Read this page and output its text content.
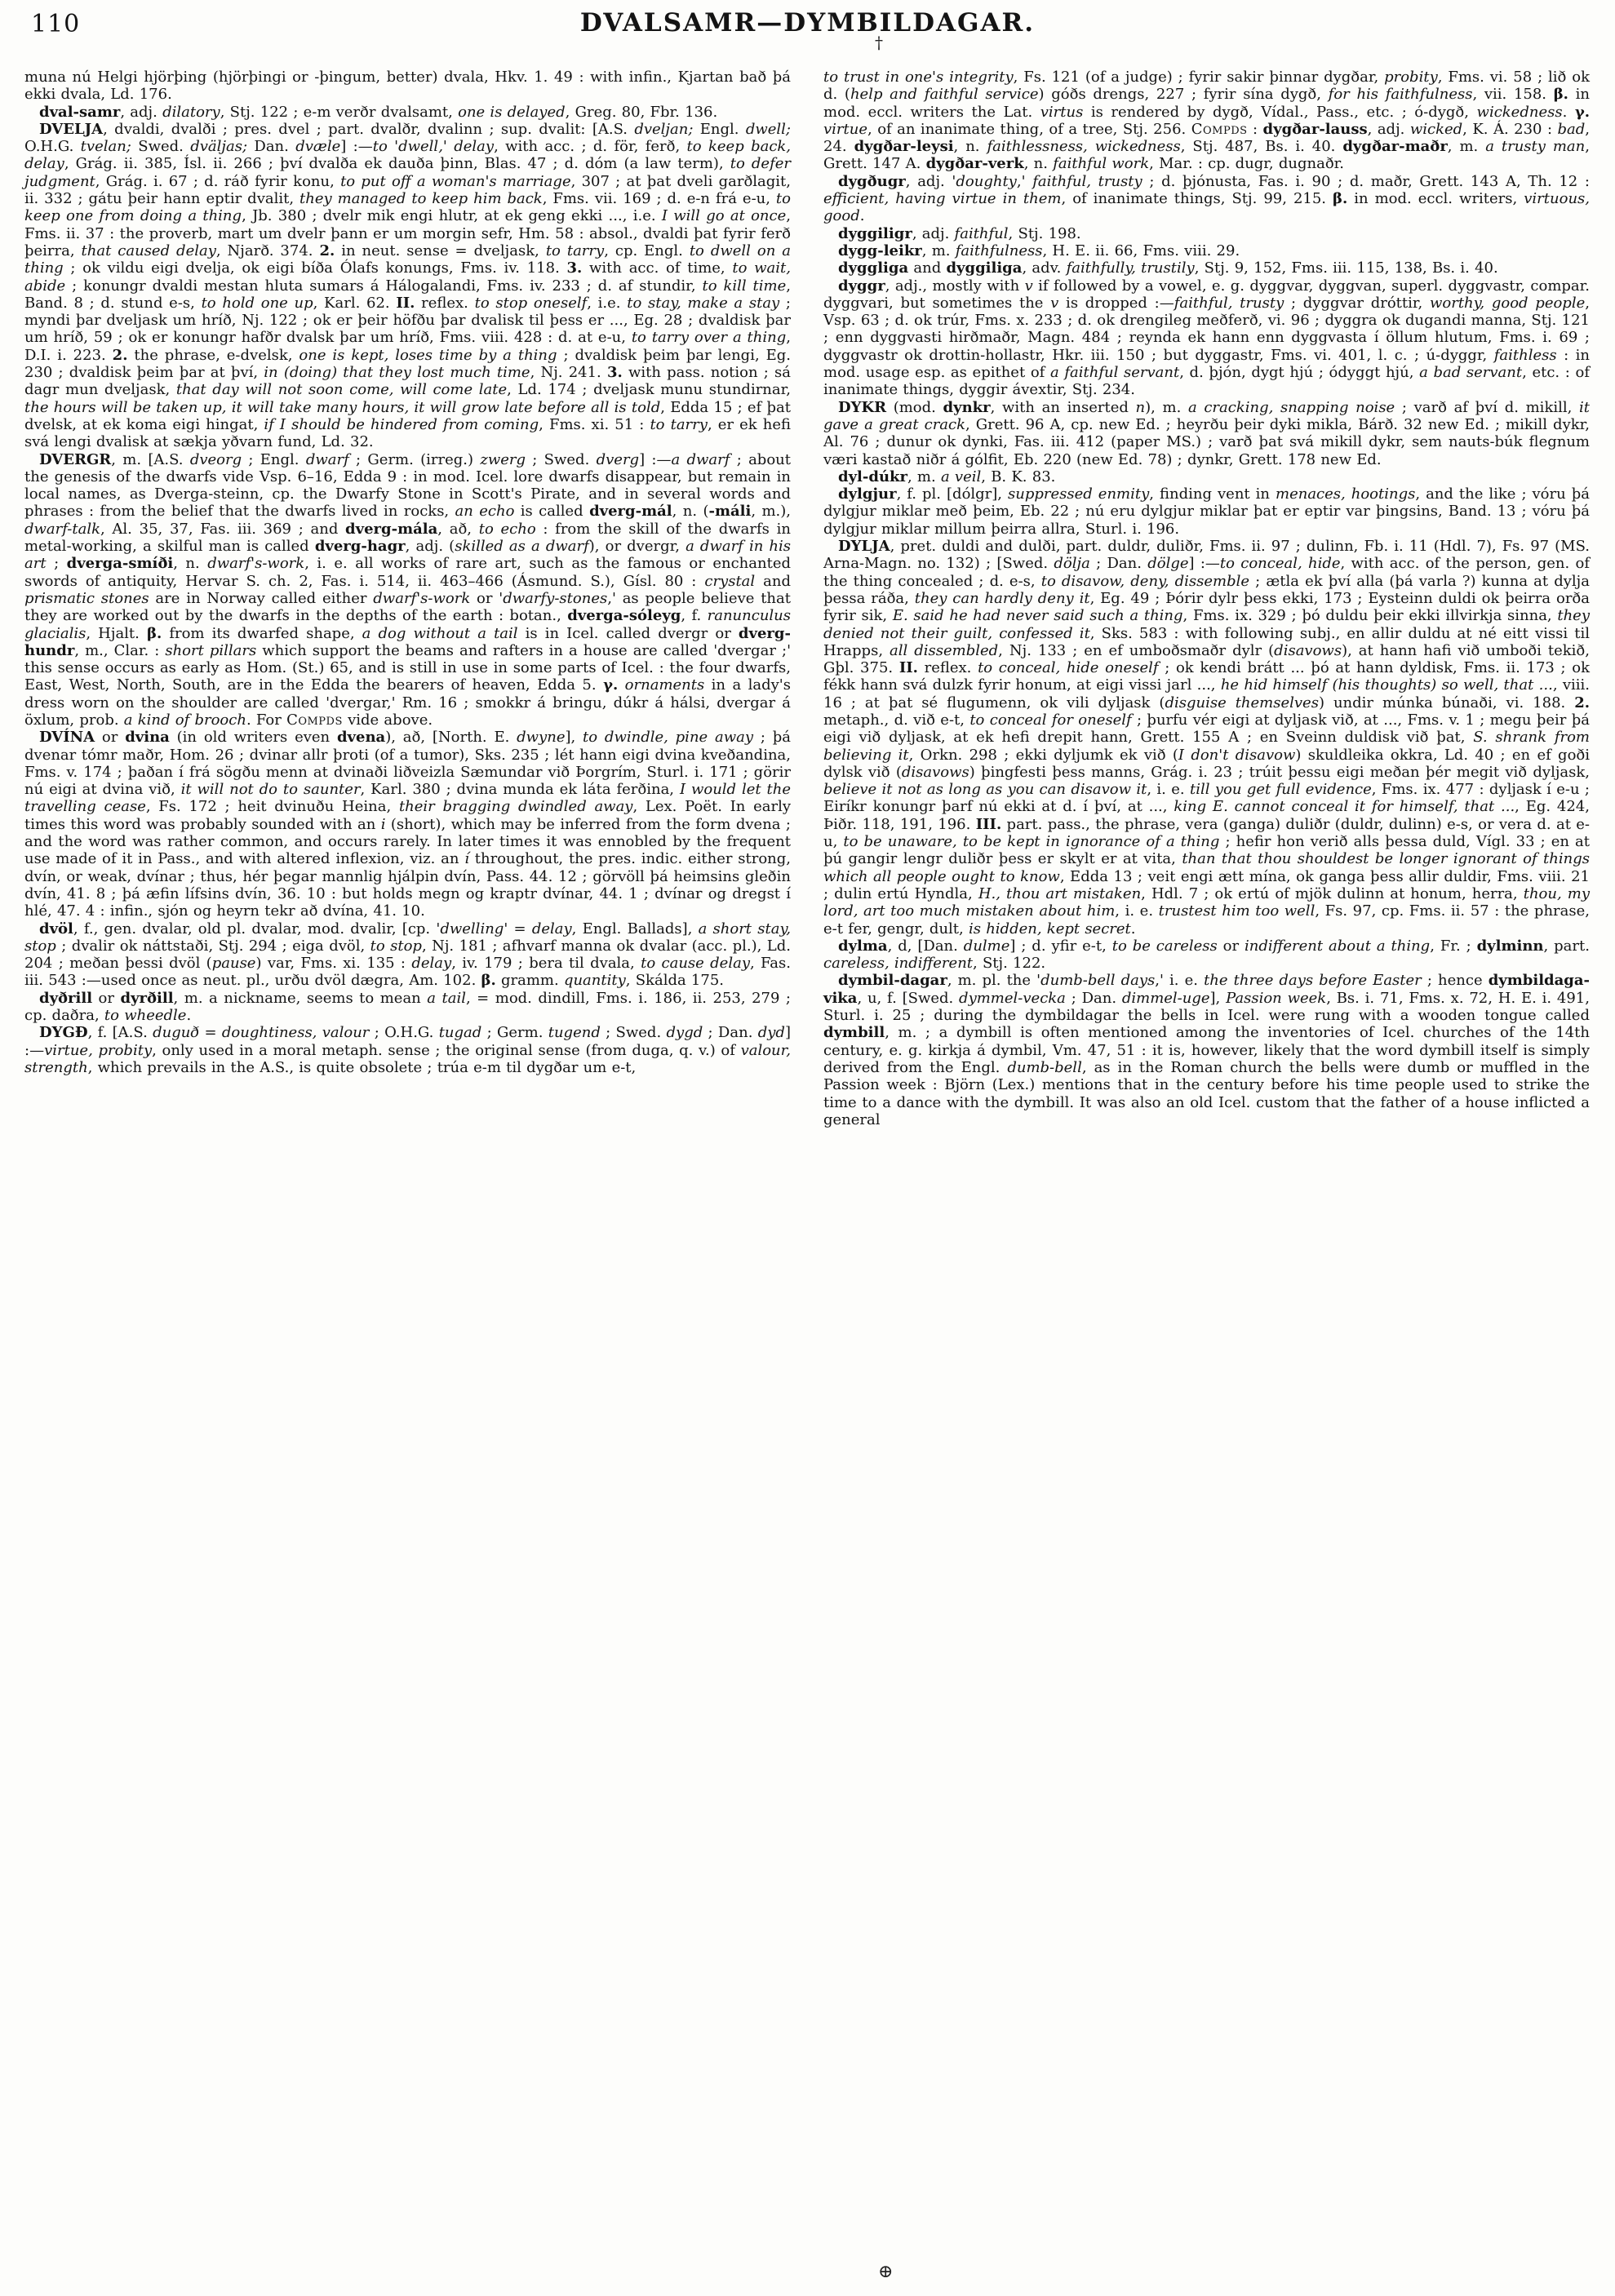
110	DVALSAMR—DYMBILDAGAR.
†

muna nú Helgi hjörþing (hjörþingi or -þingum, better) dvala, Hkv. 1. 49 : with infin., Kjartan bað þá ekki dvala, Ld. 176.

dval-samr, adj. dilatory, Stj. 122 ; e-m verðr dvalsamt, one is delayed, Greg. 80, Fbr. 136.

DVELJA, dvaldi, dvalði ; pres. dvel ; part. dvalðr, dvalinn ; sup. dvalit: [A.S. dveljan; Engl. dwell; O.H.G. tvelan; Swed. dväljas; Dan. dvæle] :—to 'dwell,' delay, with acc. ; d. för, ferð, to keep back, delay, Grág. ii. 385, Ísl. ii. 266 ; því dvalða ek dauða þinn, Blas. 47 ; d. dóm (a law term), to defer judgment, Grág. i. 67 ; d. ráð fyrir konu, to put off a woman's marriage, 307 ; at þat dveli garðlagit, ii. 332 ; gátu þeir hann eptir dvalit, they managed to keep him back, Fms. vii. 169 ; d. e-n frá e-u, to keep one from doing a thing, Jb. 380 ; dvelr mik engi hlutr, at ek geng ekki ..., i.e. I will go at once, Fms. ii. 37 : the proverb, mart um dvelr þann er um morgin sefr, Hm. 58 : absol., dvaldi þat fyrir ferð þeirra, that caused delay, Njarð. 374. 2. in neut. sense = dveljask, to tarry, cp. Engl. to dwell on a thing ; ok vildu eigi dvelja, ok eigi bíða Ólafs konungs, Fms. iv. 118. 3. with acc. of time, to wait, abide ; konungr dvaldi mestan hluta sumars á Hálogalandi, Fms. iv. 233 ; d. af stundir, to kill time, Band. 8 ; d. stund e-s, to hold one up, Karl. 62. II. reflex. to stop oneself, i.e. to stay, make a stay ; myndi þar dveljask um hríð, Nj. 122 ; ok er þeir höfðu þar dvalisk til þess er ..., Eg. 28 ; dvaldisk þar um hríð, 59 ; ok er konungr hafðr dvalsk þar um hríð, Fms. viii. 428 : d. at e-u, to tarry over a thing, D.I. i. 223. 2. the phrase, e-dvelsk, one is kept, loses time by a thing ; dvaldisk þeim þar lengi, Eg. 230 ; dvaldisk þeim þar at því, in (doing) that they lost much time, Nj. 241. 3. with pass. notion ; sá dagr mun dveljask, that day will not soon come, will come late, Ld. 174 ; dveljask munu stundirnar, the hours will be taken up, it will take many hours, it will grow late before all is told, Edda 15 ; ef þat dvelsk, at ek koma eigi hingat, if I should be hindered from coming, Fms. xi. 51 : to tarry, er ek hefi svá lengi dvalisk at sækja yðvarn fund, Ld. 32.

DVERGR, m. [A.S. dveorg ; Engl. dwarf ; Germ. (irreg.) zwerg ; Swed. dverg] :—a dwarf ; about the genesis of the dwarfs vide Vsp. 6–16, Edda 9 : in mod. Icel. lore dwarfs disappear, but remain in local names, as Dverga-steinn, cp. the Dwarfy Stone in Scott's Pirate, and in several words and phrases : from the belief that the dwarfs lived in rocks, an echo is called dverg-mál, n. (-máli, m.), dwarf-talk, Al. 35, 37, Fas. iii. 369 ; and dverg-mála, að, to echo : from the skill of the dwarfs in metal-working, a skilful man is called dverg-hagr, adj. (skilled as a dwarf), or dvergr, a dwarf in his art ; dverga-smíði, n. dwarf's-work, i. e. all works of rare art, such as the famous or enchanted swords of antiquity, Hervar S. ch. 2, Fas. i. 514, ii. 463–466 (Ásmund. S.), Gísl. 80 : crystal and prismatic stones are in Norway called either dwarf's-work or 'dwarfy-stones,' as people believe that they are worked out by the dwarfs in the depths of the earth : botan., dverga-sóleyg, f. ranunculus glacialis, Hjalt. β. from its dwarfed shape, a dog without a tail is in Icel. called dvergr or dverg-hundr, m., Clar. : short pillars which support the beams and rafters in a house are called 'dvergar ;' this sense occurs as early as Hom. (St.) 65, and is still in use in some parts of Icel. : the four dwarfs, East, West, North, South, are in the Edda the bearers of heaven, Edda 5. γ. ornaments in a lady's dress worn on the shoulder are called 'dvergar,' Rm. 16 ; smokkr á bringu, dúkr á hálsi, dvergar á öxlum, prob. a kind of brooch. For Compds vide above.

DVÍNA or dvina (in old writers even dvena), að, [North. E. dwyne], to dwindle, pine away ; þá dvenar tómr maðr, Hom. 26 ; dvinar allr þroti (of a tumor), Sks. 235 ; lét hann eigi dvina kveðandina, Fms. v. 174 ; þaðan í frá sögðu menn at dvinaði liðveizla Sæmundar við Þorgrím, Sturl. i. 171 ; görir nú eigi at dvina við, it will not do to saunter, Karl. 380 ; dvina munda ek láta ferðina, I would let the travelling cease, Fs. 172 ; heit dvinuðu Heina, their bragging dwindled away, Lex. Poët. In early times this word was probably sounded with an i (short), which may be inferred from the form dvena ; and the word was rather common, and occurs rarely. In later times it was ennobled by the frequent use made of it in Pass., and with altered inflexion, viz. an í throughout, the pres. indic. either strong, dvín, or weak, dvínar ; thus, hér þegar mannlig hjálpin dvín, Pass. 44. 12 ; görvöll þá heimsins gleðin dvín, 41. 8 ; þá æfin lífsins dvín, 36. 10 : but holds megn og kraptr dvínar, 44. 1 ; dvínar og dregst í hlé, 47. 4 : infin., sjón og heyrn tekr að dvína, 41. 10.

dvöl, f., gen. dvalar, old pl. dvalar, mod. dvalir, [cp. 'dwelling' = delay, Engl. Ballads], a short stay, stop ; dvalir ok náttstaði, Stj. 294 ; eiga dvöl, to stop, Nj. 181 ; afhvarf manna ok dvalar (acc. pl.), Ld. 204 ; meðan þessi dvöl (pause) var, Fms. xi. 135 : delay, iv. 179 ; bera til dvala, to cause delay, Fas. iii. 543 :—used once as neut. pl., urðu dvöl dægra, Am. 102. β. gramm. quantity, Skálda 175.

dyðrill or dyrðill, m. a nickname, seems to mean a tail, = mod. dindill, Fms. i. 186, ii. 253, 279 ; cp. daðra, to wheedle.

DYGÐ, f. [A.S. duguð = doughtiness, valour ; O.H.G. tugad ; Germ. tugend ; Swed. dygd ; Dan. dyd] :—virtue, probity, only used in a moral metaph. sense ; the original sense (from duga, q. v.) of valour, strength, which prevails in the A.S., is quite obsolete ; trúa e-m til dygðar um e-t,

to trust in one's integrity, Fs. 121 (of a judge) ; fyrir sakir þinnar dygðar, probity, Fms. vi. 58 ; lið ok d. (help and faithful service) góðs drengs, 227 ; fyrir sína dygð, for his faithfulness, vii. 158. β. in mod. eccl. writers the Lat. virtus is rendered by dygð, Vídal., Pass., etc. ; ó-dygð, wickedness. γ. virtue, of an inanimate thing, of a tree, Stj. 256. Compds : dygðar-lauss, adj. wicked, K. Á. 230 : bad, 24. dygðar-leysi, n. faithlessness, wickedness, Stj. 487, Bs. i. 40. dygðar-maðr, m. a trusty man, Grett. 147 A. dygðar-verk, n. faithful work, Mar. : cp. dugr, dugnaðr.

dygðugr, adj. 'doughty,' faithful, trusty ; d. þjónusta, Fas. i. 90 ; d. maðr, Grett. 143 A, Th. 12 : efficient, having virtue in them, of inanimate things, Stj. 99, 215. β. in mod. eccl. writers, virtuous, good.

dyggiligr, adj. faithful, Stj. 198.

dygg-leikr, m. faithfulness, H. E. ii. 66, Fms. viii. 29.

dyggliga and dyggiliga, adv. faithfully, trustily, Stj. 9, 152, Fms. iii. 115, 138, Bs. i. 40.

dyggr, adj., mostly with v if followed by a vowel, e. g. dyggvar, dyggvan, superl. dyggvastr, compar. dyggvari, but sometimes the v is dropped :—faithful, trusty ; dyggvar dróttir, worthy, good people, Vsp. 63 ; d. ok trúr, Fms. x. 233 ; d. ok drengileg meðferð, vi. 96 ; dyggra ok dugandi manna, Stj. 121 ; enn dyggvasti hirðmaðr, Magn. 484 ; reynda ek hann enn dyggvasta í öllum hlutum, Fms. i. 69 ; dyggvastr ok drottin-hollastr, Hkr. iii. 150 ; but dyggastr, Fms. vi. 401, l. c. ; ú-dyggr, faithless : in mod. usage esp. as epithet of a faithful servant, d. þjón, dygt hjú ; ódyggt hjú, a bad servant, etc. : of inanimate things, dyggir ávextir, Stj. 234.

DYKR (mod. dynkr, with an inserted n), m. a cracking, snapping noise ; varð af því d. mikill, it gave a great crack, Grett. 96 A, cp. new Ed. ; heyrðu þeir dyki mikla, Bárð. 32 new Ed. ; mikill dykr, Al. 76 ; dunur ok dynki, Fas. iii. 412 (paper MS.) ; varð þat svá mikill dykr, sem nauts-búk flegnum væri kastað niðr á gólfit, Eb. 220 (new Ed. 78) ; dynkr, Grett. 178 new Ed.

dyl-dúkr, m. a veil, B. K. 83.

dylgjur, f. pl. [dólgr], suppressed enmity, finding vent in menaces, hootings, and the like ; vóru þá dylgjur miklar með þeim, Eb. 22 ; nú eru dylgjur miklar þat er eptir var þingsins, Band. 13 ; vóru þá dylgjur miklar millum þeirra allra, Sturl. i. 196.

DYLJA, pret. duldi and dulði, part. duldr, duliðr, Fms. ii. 97 ; dulinn, Fb. i. 11 (Hdl. 7), Fs. 97 (MS. Arna-Magn. no. 132) ; [Swed. dölja ; Dan. dölge] :—to conceal, hide, with acc. of the person, gen. of the thing concealed ; d. e-s, to disavow, deny, dissemble ; ætla ek því alla (þá varla ?) kunna at dylja þessa ráða, they can hardly deny it, Eg. 49 ; Þórir dylr þess ekki, 173 ; Eysteinn duldi ok þeirra orða fyrir sik, E. said he had never said such a thing, Fms. ix. 329 ; þó duldu þeir ekki illvirkja sinna, they denied not their guilt, confessed it, Sks. 583 : with following subj., en allir duldu at né eitt vissi til Hrapps, all dissembled, Nj. 133 ; en ef umboðsmaðr dylr (disavows), at hann hafi við umboði tekið, Gþl. 375. II. reflex. to conceal, hide oneself ; ok kendi brátt ... þó at hann dyldisk, Fms. ii. 173 ; ok fékk hann svá dulzk fyrir honum, at eigi vissi jarl ..., he hid himself (his thoughts) so well, that ..., viii. 16 ; at þat sé flugumenn, ok vili dyljask (disguise themselves) undir múnka búnaði, vi. 188. 2. metaph., d. við e-t, to conceal for oneself ; þurfu vér eigi at dyljask við, at ..., Fms. v. 1 ; megu þeir þá eigi við dyljask, at ek hefi drepit hann, Grett. 155 A ; en Sveinn duldisk við þat, S. shrank from believing it, Orkn. 298 ; ekki dyljumk ek við (I don't disavow) skuldleika okkra, Ld. 40 ; en ef goði dylsk við (disavows) þingfesti þess manns, Grág. i. 23 ; trúit þessu eigi meðan þér megit við dyljask, believe it not as long as you can disavow it, i. e. till you get full evidence, Fms. ix. 477 : dyljask í e-u ; Eiríkr konungr þarf nú ekki at d. í því, at ..., king E. cannot conceal it for himself, that ..., Eg. 424, Þiðr. 118, 191, 196. III. part. pass., the phrase, vera (ganga) duliðr (duldr, dulinn) e-s, or vera d. at e-u, to be unaware, to be kept in ignorance of a thing ; hefir hon verið alls þessa duld, Vígl. 33 ; en at þú gangir lengr duliðr þess er skylt er at vita, than that thou shouldest be longer ignorant of things which all people ought to know, Edda 13 ; veit engi ætt mína, ok ganga þess allir duldir, Fms. viii. 21 ; dulin ertú Hyndla, H., thou art mistaken, Hdl. 7 ; ok ertú of mjök dulinn at honum, herra, thou, my lord, art too much mistaken about him, i. e. trustest him too well, Fs. 97, cp. Fms. ii. 57 : the phrase, e-t fer, gengr, dult, is hidden, kept secret.

dylma, d, [Dan. dulme] ; d. yfir e-t, to be careless or indifferent about a thing, Fr. ; dylminn, part. careless, indifferent, Stj. 122.

dymbil-dagar, m. pl. the 'dumb-bell days,' i. e. the three days before Easter ; hence dymbildaga-vika, u, f. [Swed. dymmel-vecka ; Dan. dimmel-uge], Passion week, Bs. i. 71, Fms. x. 72, H. E. i. 491, Sturl. i. 25 ; during the dymbildagar the bells in Icel. were rung with a wooden tongue called dymbill, m. ; a dymbill is often mentioned among the inventories of Icel. churches of the 14th century, e. g. kirkja á dymbil, Vm. 47, 51 : it is, however, likely that the word dymbill itself is simply derived from the Engl. dumb-bell, as in the Roman church the bells were dumb or muffled in the Passion week : Björn (Lex.) mentions that in the century before his time people used to strike the time to a dance with the dymbill. It was also an old Icel. custom that the father of a house inflicted a general

⊕
